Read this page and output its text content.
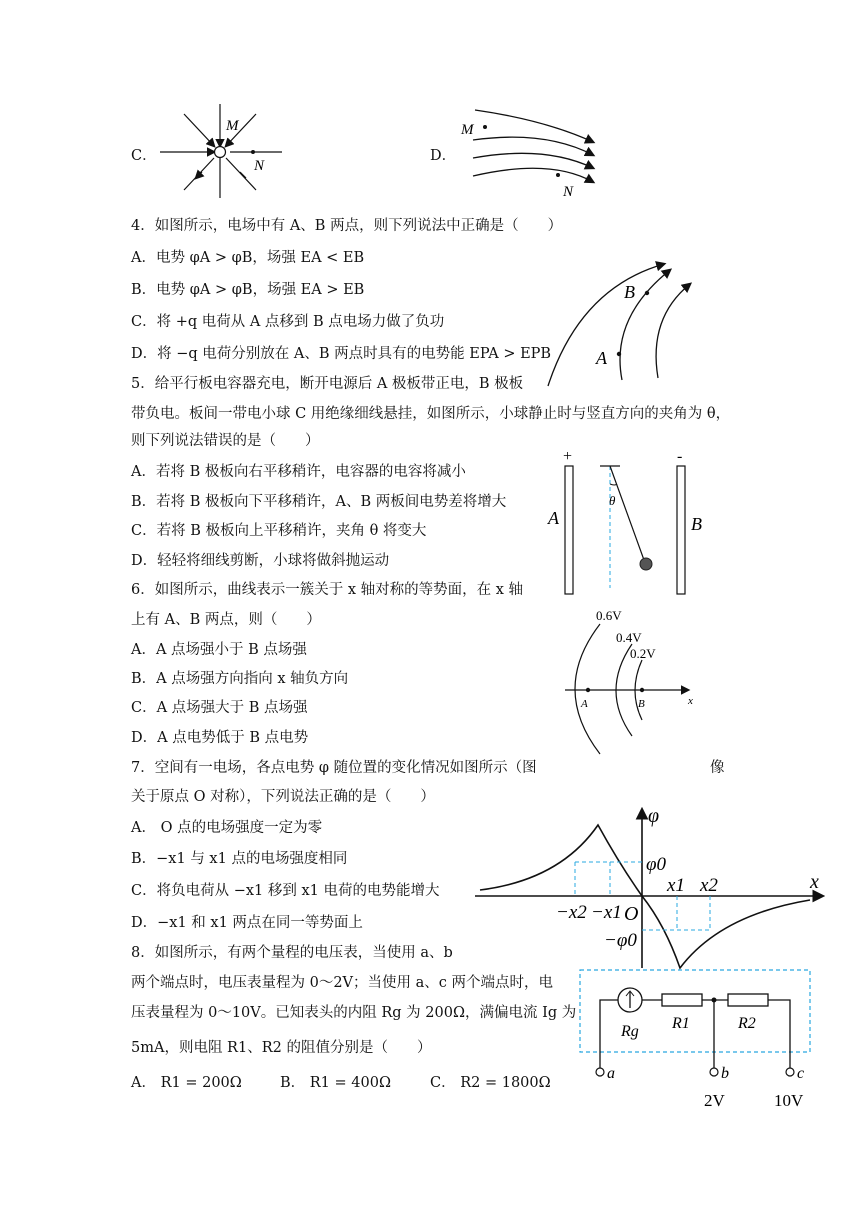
C．
M
N
D．
M
N
4．如图所示，电场中有 A、B 两点，则下列说法中正确是（　　）
A．电势 φA > φB，场强 EA < EB
B．电势 φA > φB，场强 EA > EB
C．将 +q 电荷从 A 点移到 B 点电场力做了负功
D．将 −q 电荷分别放在 A、B 两点时具有的电势能 EPA > EPB A
B
5．给平行板电容器充电，断开电源后 A 极板带正电，B 极板
带负电。板间一带电小球 C 用绝缘细线悬挂，如图所示，小球静止时与竖直方向的夹角为 θ，
则下列说法错误的是（　　）
A．若将 B 极板向右平移稍许，电容器的电容将减小
B．若将 B 极板向下平移稍许，A、B 两板间电势差将增大
C．若将 B 极板向上平移稍许，夹角 θ 将变大
D．轻轻将细线剪断，小球将做斜抛运动
+	-
A	B
θ
6．如图所示，曲线表示一簇关于 x 轴对称的等势面，在 x 轴
上有 A、B 两点，则（　　）
A．A 点场强小于 B 点场强
B．A 点场强方向指向 x 轴负方向
C．A 点场强大于 B 点场强
D．A 点电势低于 B 点电势
0.6V
0.4V
0.2V
A	B	x
7．空间有一电场，各点电势 φ 随位置的变化情况如图所示（图	像
关于原点 O 对称），下列说法正确的是（　　）
A． O 点的电场强度一定为零
B．−x1 与 x1 点的电场强度相同
C．将负电荷从 −x1 移到 x1 电荷的电势能增大
D．−x1 和 x1 两点在同一等势面上
φ
φ0
−φ0
x
O
x1 x2
−x2 −x1
8．如图所示，有两个量程的电压表，当使用 a、b
两个端点时，电压表量程为 0～2V；当使用 a、c 两个端点时，电
压表量程为 0～10V。已知表头的内阻 Rg 为 200Ω，满偏电流 Ig 为
5mA，则电阻 R1、R2 的阻值分别是（　　）
A． R1 = 200Ω	B． R1 = 400Ω	C． R2 = 1800Ω
Rg R1	R2
a	b	c
2V	10V
